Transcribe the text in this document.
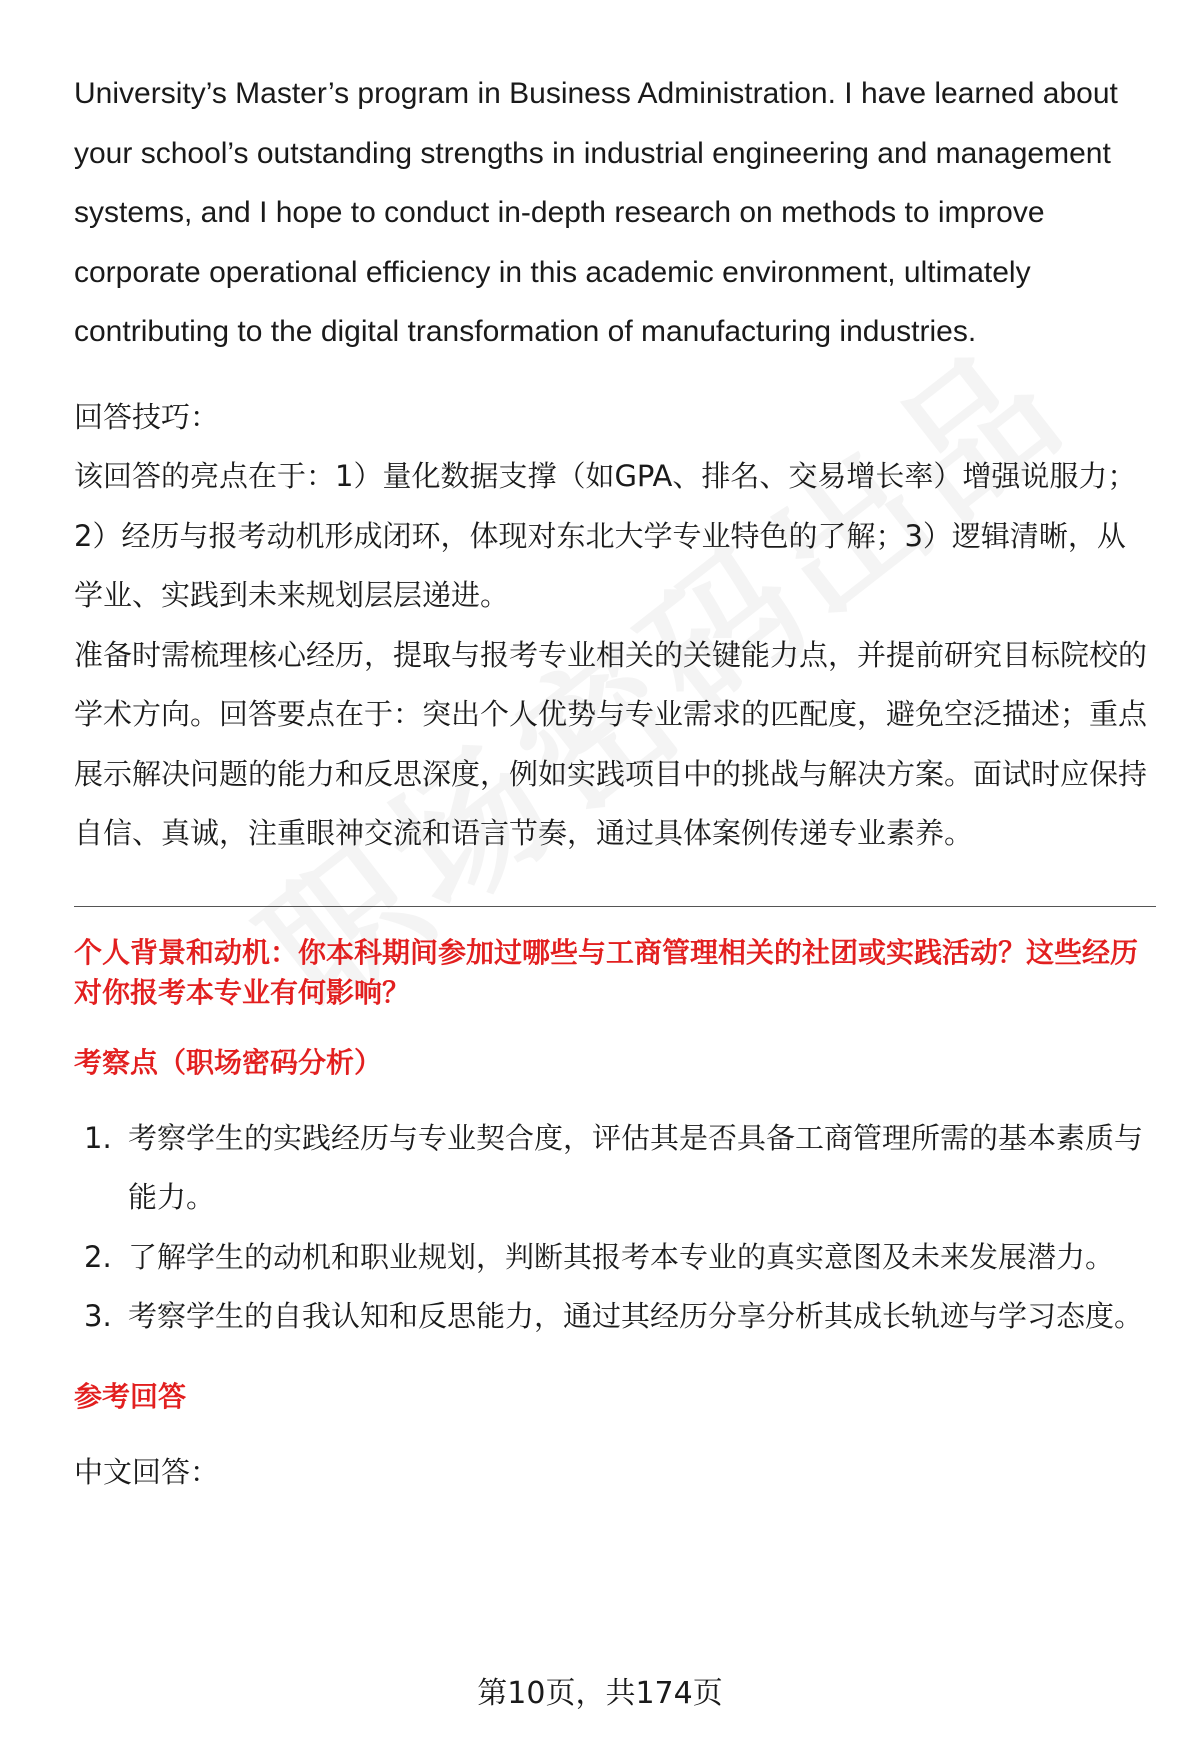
University’s Master’s program in Business Administration. I have learned about your school’s outstanding strengths in industrial engineering and management systems, and I hope to conduct in-depth research on methods to improve corporate operational efficiency in this academic environment, ultimately contributing to the digital transformation of manufacturing industries.

回答技巧：

该回答的亮点在于：1）量化数据支撑（如GPA、排名、交易增长率）增强说服力；2）经历与报考动机形成闭环，体现对东北大学专业特色的了解；3）逻辑清晰，从学业、实践到未来规划层层递进。

准备时需梳理核心经历，提取与报考专业相关的关键能力点，并提前研究目标院校的学术方向。回答要点在于：突出个人优势与专业需求的匹配度，避免空泛描述；重点展示解决问题的能力和反思深度，例如实践项目中的挑战与解决方案。面试时应保持自信、真诚，注重眼神交流和语言节奏，通过具体案例传递专业素养。

个人背景和动机：你本科期间参加过哪些与工商管理相关的社团或实践活动？这些经历对你报考本专业有何影响？
考察点（职场密码分析）
1. 考察学生的实践经历与专业契合度，评估其是否具备工商管理所需的基本素质与能力。
2. 了解学生的动机和职业规划，判断其报考本专业的真实意图及未来发展潜力。
3. 考察学生的自我认知和反思能力，通过其经历分享分析其成长轨迹与学习态度。
参考回答

中文回答：

第10页，共174页
